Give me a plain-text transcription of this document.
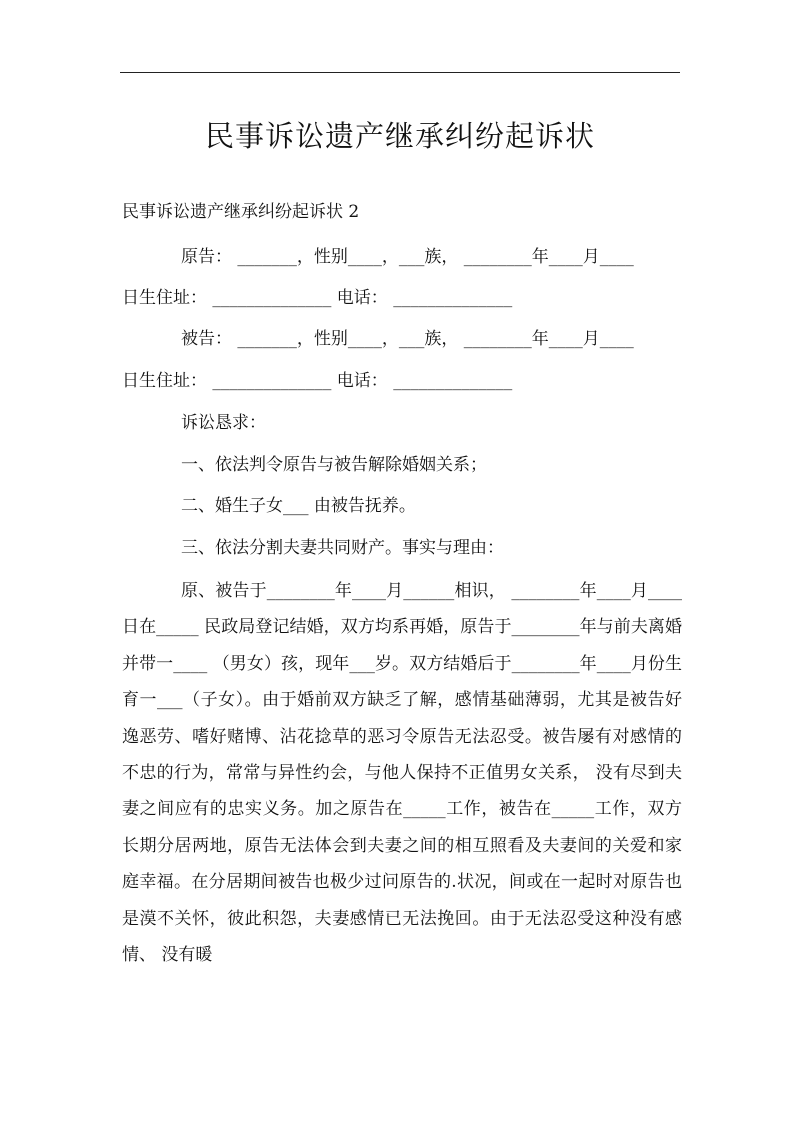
民事诉讼遗产继承纠纷起诉状
民事诉讼遗产继承纠纷起诉状 2
原告： _______，性别____，___族， ________年____月____
日生住址： ______________ 电话： ______________
被告： _______，性别____，___族， ________年____月____
日生住址： ______________ 电话： ______________
诉讼恳求：
一、依法判令原告与被告解除婚姻关系；
二、婚生子女___ 由被告抚养。
三、依法分割夫妻共同财产。事实与理由：

原、被告于________年____月______相识， ________年____月____ 日在_____ 民政局登记结婚，双方均系再婚，原告于________年与前夫离婚并带一____ （男女）孩，现年___岁。双方结婚后于________年____月份生育一___（子女）。由于婚前双方缺乏了解，感情基础薄弱，尤其是被告好逸恶劳、嗜好赌博、沾花捻草的恶习令原告无法忍受。被告屡有对感情的不忠的行为，常常与异性约会，与他人保持不正值男女关系， 没有尽到夫妻之间应有的忠实义务。加之原告在_____工作，被告在_____工作，双方长期分居两地，原告无法体会到夫妻之间的相互照看及夫妻间的关爱和家庭幸福。在分居期间被告也极少过问原告的.状况，间或在一起时对原告也是漠不关怀，彼此积怨，夫妻感情已无法挽回。由于无法忍受这种没有感情、 没有暖
